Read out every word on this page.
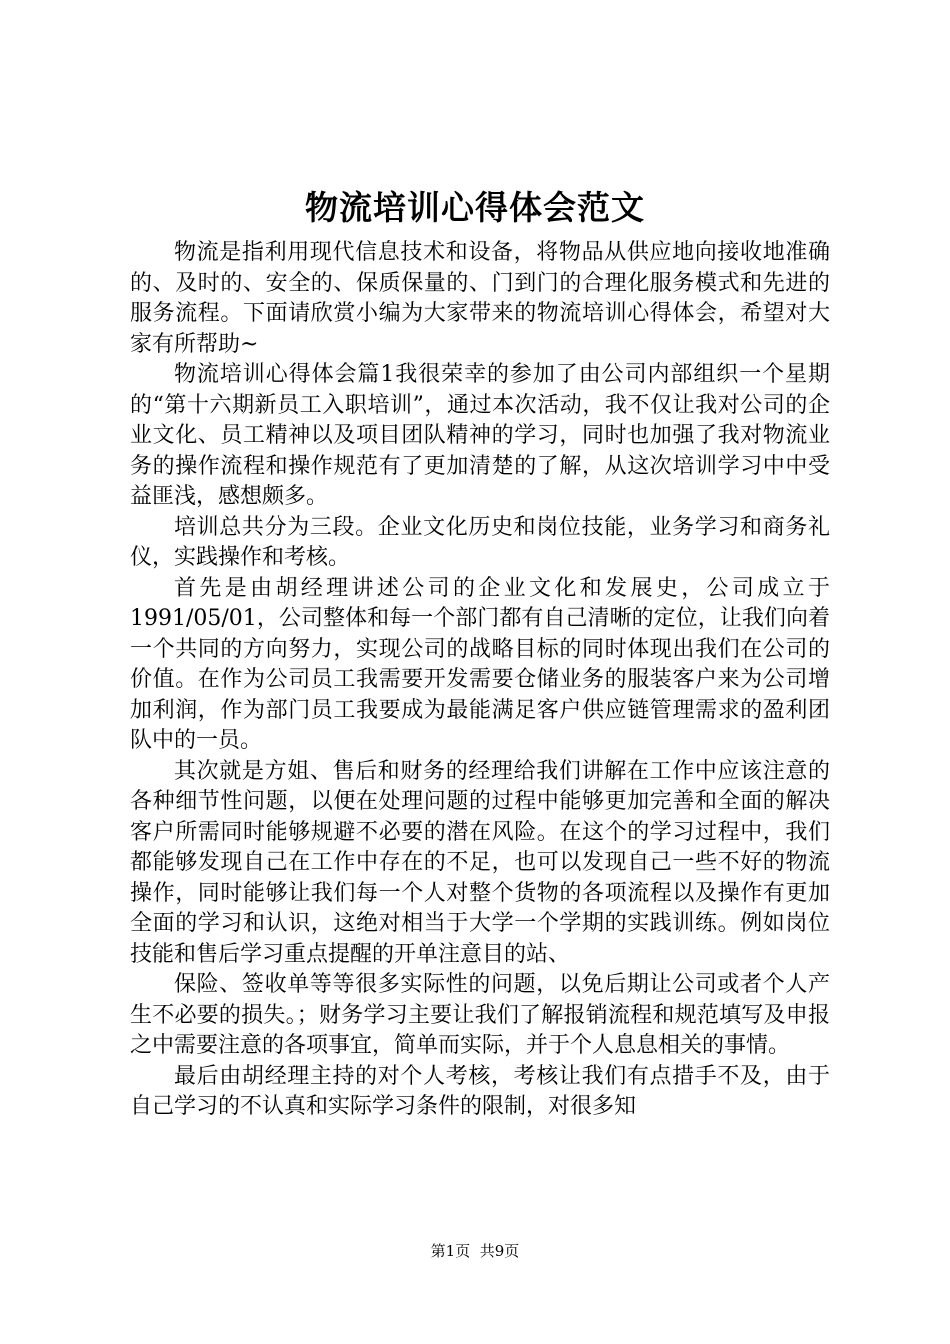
物流培训心得体会范文

物流是指利用现代信息技术和设备，将物品从供应地向接收地准确的、及时的、安全的、保质保量的、门到门的合理化服务模式和先进的服务流程。下面请欣赏小编为大家带来的物流培训心得体会，希望对大家有所帮助~

物流培训心得体会篇1我很荣幸的参加了由公司内部组织一个星期的“第十六期新员工入职培训”，通过本次活动，我不仅让我对公司的企业文化、员工精神以及项目团队精神的学习，同时也加强了我对物流业务的操作流程和操作规范有了更加清楚的了解，从这次培训学习中中受益匪浅，感想颇多。

培训总共分为三段。企业文化历史和岗位技能，业务学习和商务礼仪，实践操作和考核。

首先是由胡经理讲述公司的企业文化和发展史，公司成立于1991/05/01，公司整体和每一个部门都有自己清晰的定位，让我们向着一个共同的方向努力，实现公司的战略目标的同时体现出我们在公司的价值。在作为公司员工我需要开发需要仓储业务的服装客户来为公司增加利润，作为部门员工我要成为最能满足客户供应链管理需求的盈利团队中的一员。

其次就是方姐、售后和财务的经理给我们讲解在工作中应该注意的各种细节性问题，以便在处理问题的过程中能够更加完善和全面的解决客户所需同时能够规避不必要的潜在风险。在这个的学习过程中，我们都能够发现自己在工作中存在的不足，也可以发现自己一些不好的物流操作，同时能够让我们每一个人对整个货物的各项流程以及操作有更加全面的学习和认识，这绝对相当于大学一个学期的实践训练。例如岗位技能和售后学习重点提醒的开单注意目的站、

保险、签收单等等很多实际性的问题，以免后期让公司或者个人产生不必要的损失。；财务学习主要让我们了解报销流程和规范填写及申报之中需要注意的各项事宜，简单而实际，并于个人息息相关的事情。

最后由胡经理主持的对个人考核，考核让我们有点措手不及，由于自己学习的不认真和实际学习条件的限制，对很多知

第1页 共9页
